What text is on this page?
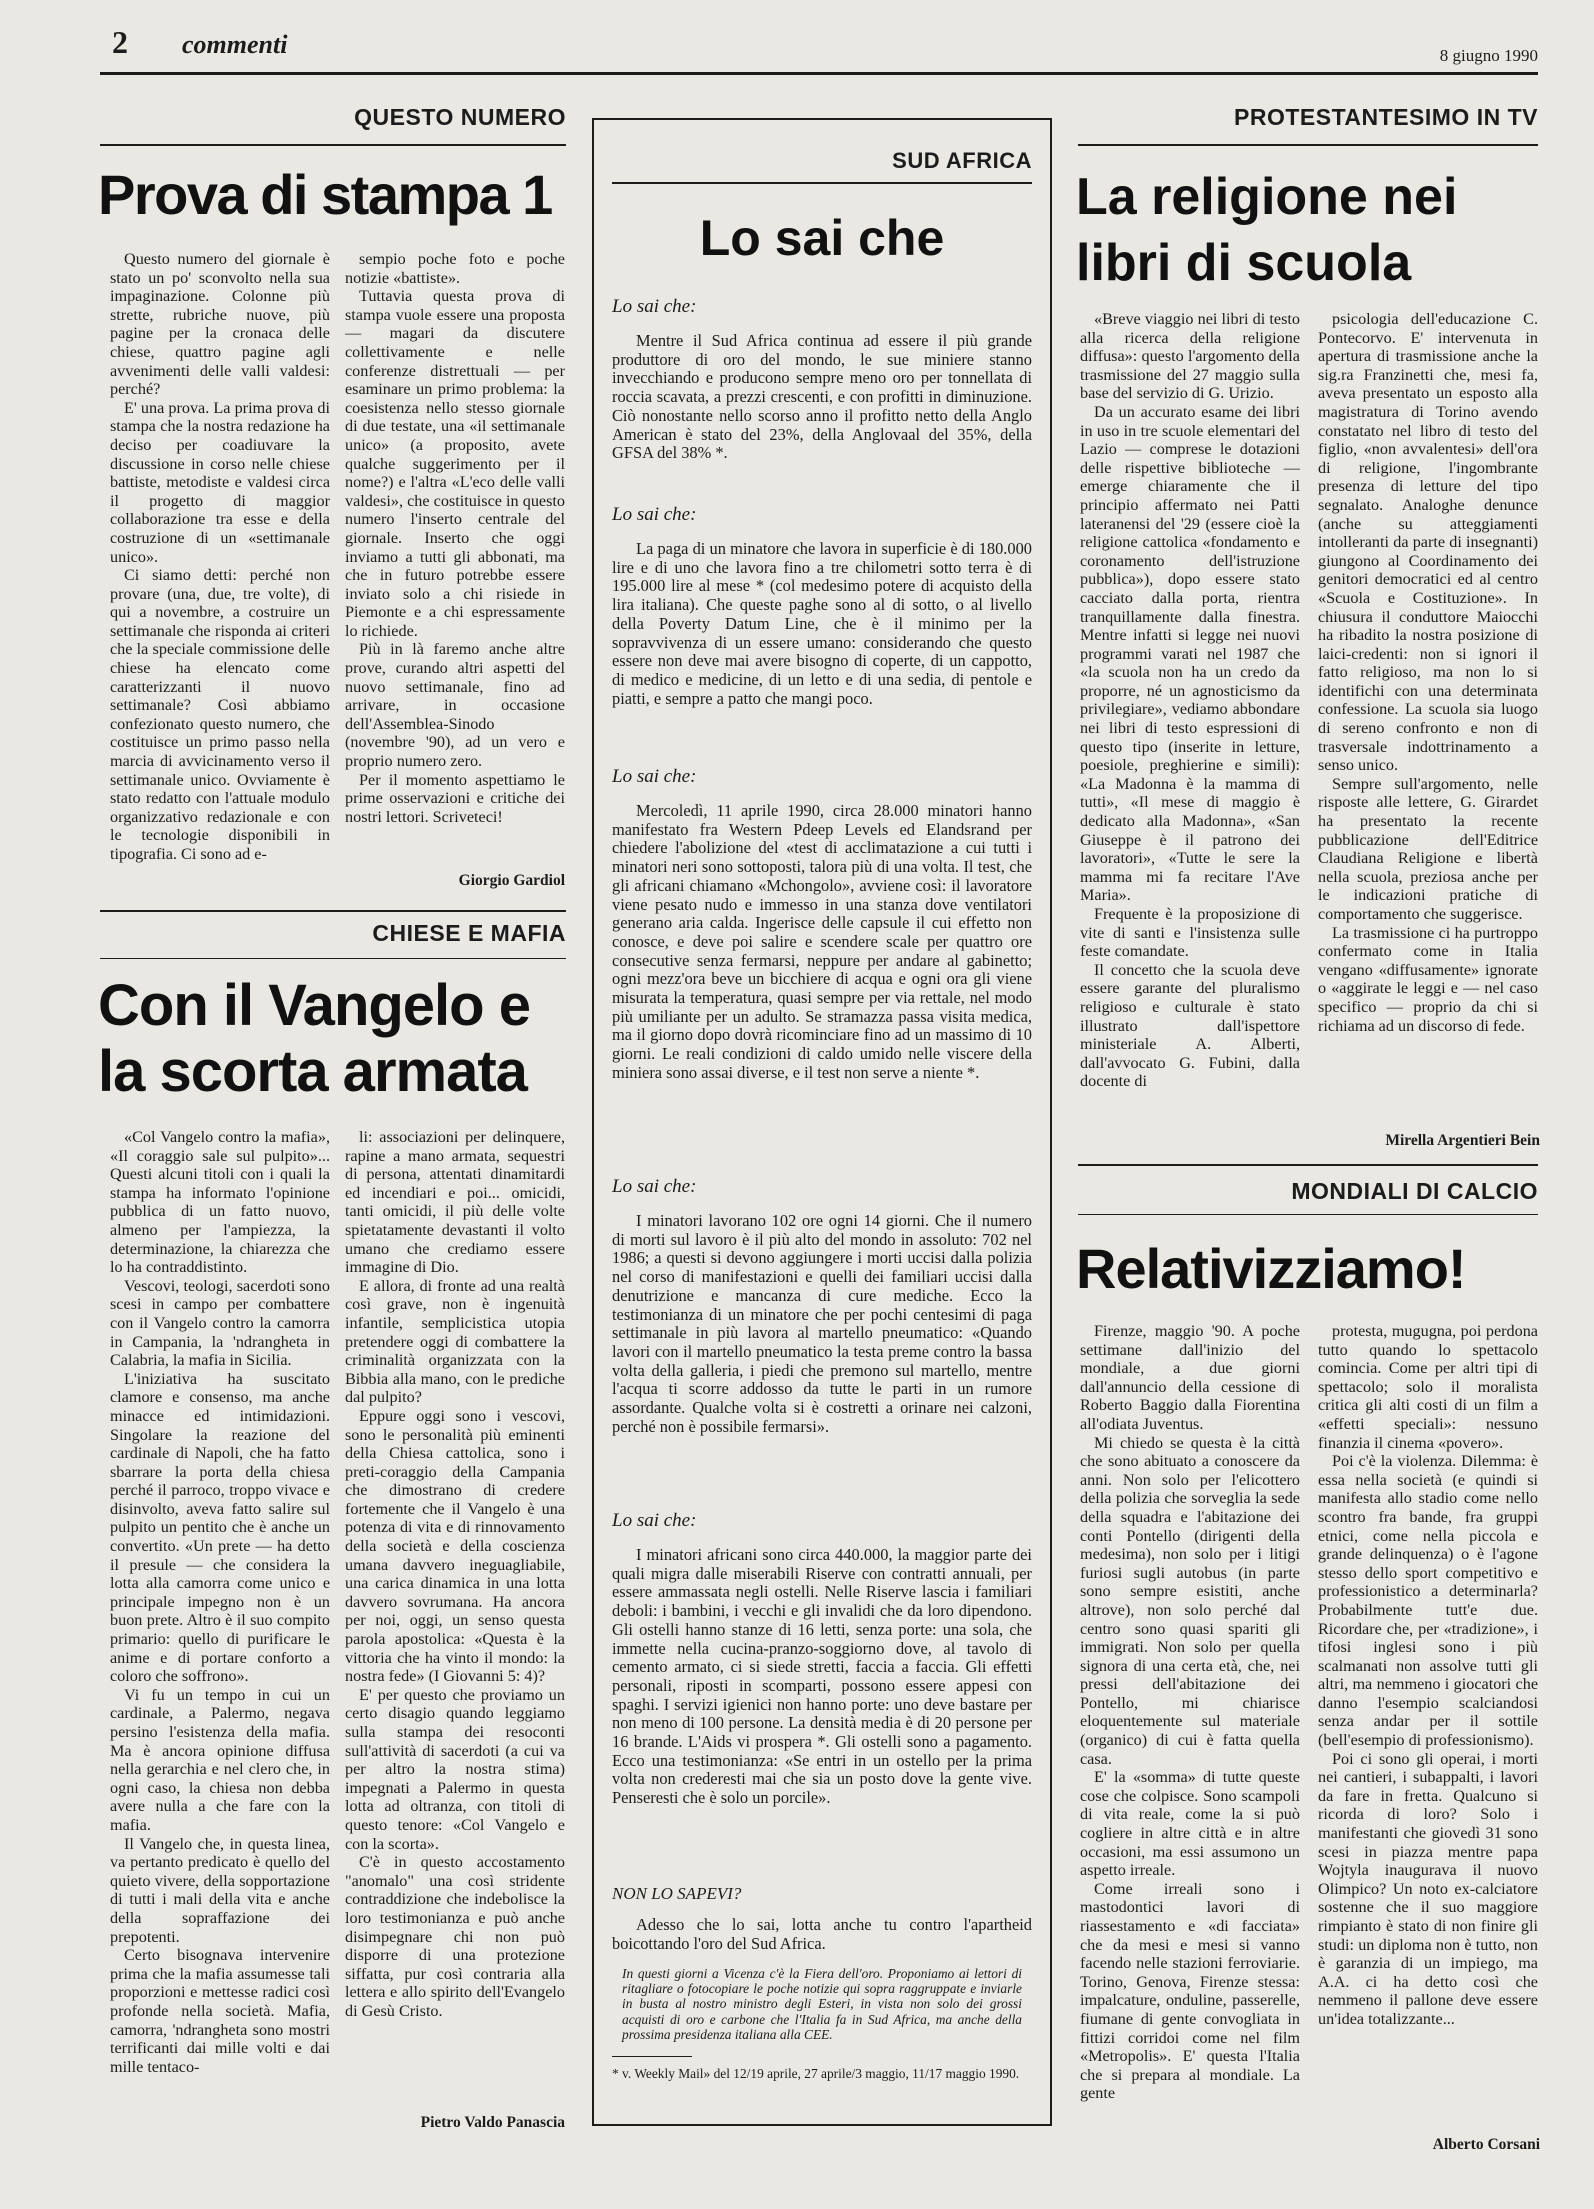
2 commenti	8 giugno 1990
QUESTO NUMERO
Prova di stampa 1

Questo numero del giornale è stato un po' sconvolto nella sua impaginazione. Colonne più strette, rubriche nuove, più pagine per la cronaca delle chiese, quattro pagine agli avvenimenti delle valli valdesi: perché?

E' una prova. La prima prova di stampa che la nostra redazione ha deciso per coadiuvare la discussione in corso nelle chiese battiste, metodiste e valdesi circa il progetto di maggior collaborazione tra esse e della costruzione di un «settimanale unico».

Ci siamo detti: perché non provare (una, due, tre volte), di qui a novembre, a costruire un settimanale che risponda ai criteri che la speciale commissione delle chiese ha elencato come caratterizzanti il nuovo settimanale? Così abbiamo confezionato questo numero, che costituisce un primo passo nella marcia di avvicinamento verso il settimanale unico. Ovviamente è stato redatto con l'attuale modulo organizzativo redazionale e con le tecnologie disponibili in tipografia. Ci sono ad e-

sempio poche foto e poche notizie «battiste».

Tuttavia questa prova di stampa vuole essere una proposta — magari da discutere collettivamente e nelle conferenze distrettuali — per esaminare un primo problema: la coesistenza nello stesso giornale di due testate, una «il settimanale unico» (a proposito, avete qualche suggerimento per il nome?) e l'altra «L'eco delle valli valdesi», che costituisce in questo numero l'inserto centrale del giornale. Inserto che oggi inviamo a tutti gli abbonati, ma che in futuro potrebbe essere inviato solo a chi risiede in Piemonte e a chi espressamente lo richiede.

Più in là faremo anche altre prove, curando altri aspetti del nuovo settimanale, fino ad arrivare, in occasione dell'Assemblea-Sinodo (novembre '90), ad un vero e proprio numero zero.

Per il momento aspettiamo le prime osservazioni e critiche dei nostri lettori. Scriveteci!

Giorgio Gardiol
CHIESE E MAFIA
Con il Vangelo e
la scorta armata

«Col Vangelo contro la mafia», «Il coraggio sale sul pulpito»... Questi alcuni titoli con i quali la stampa ha informato l'opinione pubblica di un fatto nuovo, almeno per l'ampiezza, la determinazione, la chiarezza che lo ha contraddistinto.

Vescovi, teologi, sacerdoti sono scesi in campo per combattere con il Vangelo contro la camorra in Campania, la 'ndrangheta in Calabria, la mafia in Sicilia.

L'iniziativa ha suscitato clamore e consenso, ma anche minacce ed intimidazioni. Singolare la reazione del cardinale di Napoli, che ha fatto sbarrare la porta della chiesa perché il parroco, troppo vivace e disinvolto, aveva fatto salire sul pulpito un pentito che è anche un convertito. «Un prete — ha detto il presule — che considera la lotta alla camorra come unico e principale impegno non è un buon prete. Altro è il suo compito primario: quello di purificare le anime e di portare conforto a coloro che soffrono».

Vi fu un tempo in cui un cardinale, a Palermo, negava persino l'esistenza della mafia. Ma è ancora opinione diffusa nella gerarchia e nel clero che, in ogni caso, la chiesa non debba avere nulla a che fare con la mafia.

Il Vangelo che, in questa linea, va pertanto predicato è quello del quieto vivere, della sopportazione di tutti i mali della vita e anche della sopraffazione dei prepotenti.

Certo bisognava intervenire prima che la mafia assumesse tali proporzioni e mettesse radici così profonde nella società. Mafia, camorra, 'ndrangheta sono mostri terrificanti dai mille volti e dai mille tentaco-

li: associazioni per delinquere, rapine a mano armata, sequestri di persona, attentati dinamitardi ed incendiari e poi... omicidi, tanti omicidi, il più delle volte spietatamente devastanti il volto umano che crediamo essere immagine di Dio.

E allora, di fronte ad una realtà così grave, non è ingenuità infantile, semplicistica utopia pretendere oggi di combattere la criminalità organizzata con la Bibbia alla mano, con le prediche dal pulpito?

Eppure oggi sono i vescovi, sono le personalità più eminenti della Chiesa cattolica, sono i preti-coraggio della Campania che dimostrano di credere fortemente che il Vangelo è una potenza di vita e di rinnovamento della società e della coscienza umana davvero ineguagliabile, una carica dinamica in una lotta davvero sovrumana. Ha ancora per noi, oggi, un senso questa parola apostolica: «Questa è la vittoria che ha vinto il mondo: la nostra fede» (I Giovanni 5: 4)?

E' per questo che proviamo un certo disagio quando leggiamo sulla stampa dei resoconti sull'attività di sacerdoti (a cui va per altro la nostra stima) impegnati a Palermo in questa lotta ad oltranza, con titoli di questo tenore: «Col Vangelo e con la scorta».

C'è in questo accostamento "anomalo" una così stridente contraddizione che indebolisce la loro testimonianza e può anche disimpegnare chi non può disporre di una protezione siffatta, pur così contraria alla lettera e allo spirito dell'Evangelo di Gesù Cristo.

Pietro Valdo Panascia
SUD AFRICA
Lo sai che
Lo sai che:

Mentre il Sud Africa continua ad essere il più grande produttore di oro del mondo, le sue miniere stanno invecchiando e producono sempre meno oro per tonnellata di roccia scavata, a prezzi crescenti, e con profitti in diminuzione. Ciò nonostante nello scorso anno il profitto netto della Anglo American è stato del 23%, della Anglovaal del 35%, della GFSA del 38% *.

Lo sai che:

La paga di un minatore che lavora in superficie è di 180.000 lire e di uno che lavora fino a tre chilometri sotto terra è di 195.000 lire al mese * (col medesimo potere di acquisto della lira italiana). Che queste paghe sono al di sotto, o al livello della Poverty Datum Line, che è il minimo per la sopravvivenza di un essere umano: considerando che questo essere non deve mai avere bisogno di coperte, di un cappotto, di medico e medicine, di un letto e di una sedia, di pentole e piatti, e sempre a patto che mangi poco.

Lo sai che:

Mercoledì, 11 aprile 1990, circa 28.000 minatori hanno manifestato fra Western Pdeep Levels ed Elandsrand per chiedere l'abolizione del «test di acclimatazione a cui tutti i minatori neri sono sottoposti, talora più di una volta. Il test, che gli africani chiamano «Mchongolo», avviene così: il lavoratore viene pesato nudo e immesso in una stanza dove ventilatori generano aria calda. Ingerisce delle capsule il cui effetto non conosce, e deve poi salire e scendere scale per quattro ore consecutive senza fermarsi, neppure per andare al gabinetto; ogni mezz'ora beve un bicchiere di acqua e ogni ora gli viene misurata la temperatura, quasi sempre per via rettale, nel modo più umiliante per un adulto. Se stramazza passa visita medica, ma il giorno dopo dovrà ricominciare fino ad un massimo di 10 giorni. Le reali condizioni di caldo umido nelle viscere della miniera sono assai diverse, e il test non serve a niente *.

Lo sai che:

I minatori lavorano 102 ore ogni 14 giorni. Che il numero di morti sul lavoro è il più alto del mondo in assoluto: 702 nel 1986; a questi si devono aggiungere i morti uccisi dalla polizia nel corso di manifestazioni e quelli dei familiari uccisi dalla denutrizione e mancanza di cure mediche. Ecco la testimonianza di un minatore che per pochi centesimi di paga settimanale in più lavora al martello pneumatico: «Quando lavori con il martello pneumatico la testa preme contro la bassa volta della galleria, i piedi che premono sul martello, mentre l'acqua ti scorre addosso da tutte le parti in un rumore assordante. Qualche volta si è costretti a orinare nei calzoni, perché non è possibile fermarsi».

Lo sai che:

I minatori africani sono circa 440.000, la maggior parte dei quali migra dalle miserabili Riserve con contratti annuali, per essere ammassata negli ostelli. Nelle Riserve lascia i familiari deboli: i bambini, i vecchi e gli invalidi che da loro dipendono. Gli ostelli hanno stanze di 16 letti, senza porte: una sola, che immette nella cucina-pranzo-soggiorno dove, al tavolo di cemento armato, ci si siede stretti, faccia a faccia. Gli effetti personali, riposti in scomparti, possono essere appesi con spaghi. I servizi igienici non hanno porte: uno deve bastare per non meno di 100 persone. La densità media è di 20 persone per 16 brande. L'Aids vi prospera *. Gli ostelli sono a pagamento. Ecco una testimonianza: «Se entri in un ostello per la prima volta non crederesti mai che sia un posto dove la gente vive. Penseresti che è solo un porcile».

NON LO SAPEVI?

Adesso che lo sai, lotta anche tu contro l'apartheid boicottando l'oro del Sud Africa.

In questi giorni a Vicenza c'è la Fiera dell'oro. Proponiamo ai lettori di ritagliare o fotocopiare le poche notizie qui sopra raggruppate e inviarle in busta al nostro ministro degli Esteri, in vista non solo dei grossi acquisti di oro e carbone che l'Italia fa in Sud Africa, ma anche della prossima presidenza italiana alla CEE.
* v. Weekly Mail» del 12/19 aprile, 27 aprile/3 maggio, 11/17 maggio 1990.
PROTESTANTESIMO IN TV
La religione nei
libri di scuola

«Breve viaggio nei libri di testo alla ricerca della religione diffusa»: questo l'argomento della trasmissione del 27 maggio sulla base del servizio di G. Urizio.

Da un accurato esame dei libri in uso in tre scuole elementari del Lazio — comprese le dotazioni delle rispettive biblioteche — emerge chiaramente che il principio affermato nei Patti lateranensi del '29 (essere cioè la religione cattolica «fondamento e coronamento dell'istruzione pubblica»), dopo essere stato cacciato dalla porta, rientra tranquillamente dalla finestra. Mentre infatti si legge nei nuovi programmi varati nel 1987 che «la scuola non ha un credo da proporre, né un agnosticismo da privilegiare», vediamo abbondare nei libri di testo espressioni di questo tipo (inserite in letture, poesiole, preghierine e simili): «La Madonna è la mamma di tutti», «Il mese di maggio è dedicato alla Madonna», «San Giuseppe è il patrono dei lavoratori», «Tutte le sere la mamma mi fa recitare l'Ave Maria».

Frequente è la proposizione di vite di santi e l'insistenza sulle feste comandate.

Il concetto che la scuola deve essere garante del pluralismo religioso e culturale è stato illustrato dall'ispettore ministeriale A. Alberti, dall'avvocato G. Fubini, dalla docente di

psicologia dell'educazione C. Pontecorvo. E' intervenuta in apertura di trasmissione anche la sig.ra Franzinetti che, mesi fa, aveva presentato un esposto alla magistratura di Torino avendo constatato nel libro di testo del figlio, «non avvalentesi» dell'ora di religione, l'ingombrante presenza di letture del tipo segnalato. Analoghe denunce (anche su atteggiamenti intolleranti da parte di insegnanti) giungono al Coordinamento dei genitori democratici ed al centro «Scuola e Costituzione». In chiusura il conduttore Maiocchi ha ribadito la nostra posizione di laici-credenti: non si ignori il fatto religioso, ma non lo si identifichi con una determinata confessione. La scuola sia luogo di sereno confronto e non di trasversale indottrinamento a senso unico.

Sempre sull'argomento, nelle risposte alle lettere, G. Girardet ha presentato la recente pubblicazione dell'Editrice Claudiana Religione e libertà nella scuola, preziosa anche per le indicazioni pratiche di comportamento che suggerisce.

La trasmissione ci ha purtroppo confermato come in Italia vengano «diffusamente» ignorate o «aggirate le leggi e — nel caso specifico — proprio da chi si richiama ad un discorso di fede.

Mirella Argentieri Bein
MONDIALI DI CALCIO
Relativizziamo!

Firenze, maggio '90. A poche settimane dall'inizio del mondiale, a due giorni dall'annuncio della cessione di Roberto Baggio dalla Fiorentina all'odiata Juventus.

Mi chiedo se questa è la città che sono abituato a conoscere da anni. Non solo per l'elicottero della polizia che sorveglia la sede della squadra e l'abitazione dei conti Pontello (dirigenti della medesima), non solo per i litigi furiosi sugli autobus (in parte sono sempre esistiti, anche altrove), non solo perché dal centro sono quasi spariti gli immigrati. Non solo per quella signora di una certa età, che, nei pressi dell'abitazione dei Pontello, mi chiarisce eloquentemente sul materiale (organico) di cui è fatta quella casa.

E' la «somma» di tutte queste cose che colpisce. Sono scampoli di vita reale, come la si può cogliere in altre città e in altre occasioni, ma essi assumono un aspetto irreale.

Come irreali sono i mastodontici lavori di riassestamento e «di facciata» che da mesi e mesi si vanno facendo nelle stazioni ferroviarie. Torino, Genova, Firenze stessa: impalcature, onduline, passerelle, fiumane di gente convogliata in fittizi corridoi come nel film «Metropolis». E' questa l'Italia che si prepara al mondiale. La gente

protesta, mugugna, poi perdona tutto quando lo spettacolo comincia. Come per altri tipi di spettacolo; solo il moralista critica gli alti costi di un film a «effetti speciali»: nessuno finanzia il cinema «povero».

Poi c'è la violenza. Dilemma: è essa nella società (e quindi si manifesta allo stadio come nello scontro fra bande, fra gruppi etnici, come nella piccola e grande delinquenza) o è l'agone stesso dello sport competitivo e professionistico a determinarla? Probabilmente tutt'e due. Ricordare che, per «tradizione», i tifosi inglesi sono i più scalmanati non assolve tutti gli altri, ma nemmeno i giocatori che danno l'esempio scalciandosi senza andar per il sottile (bell'esempio di professionismo).

Poi ci sono gli operai, i morti nei cantieri, i subappalti, i lavori da fare in fretta. Qualcuno si ricorda di loro? Solo i manifestanti che giovedì 31 sono scesi in piazza mentre papa Wojtyla inaugurava il nuovo Olimpico? Un noto ex-calciatore sostenne che il suo maggiore rimpianto è stato di non finire gli studi: un diploma non è tutto, non è garanzia di un impiego, ma A.A. ci ha detto così che nemmeno il pallone deve essere un'idea totalizzante...

Alberto Corsani
